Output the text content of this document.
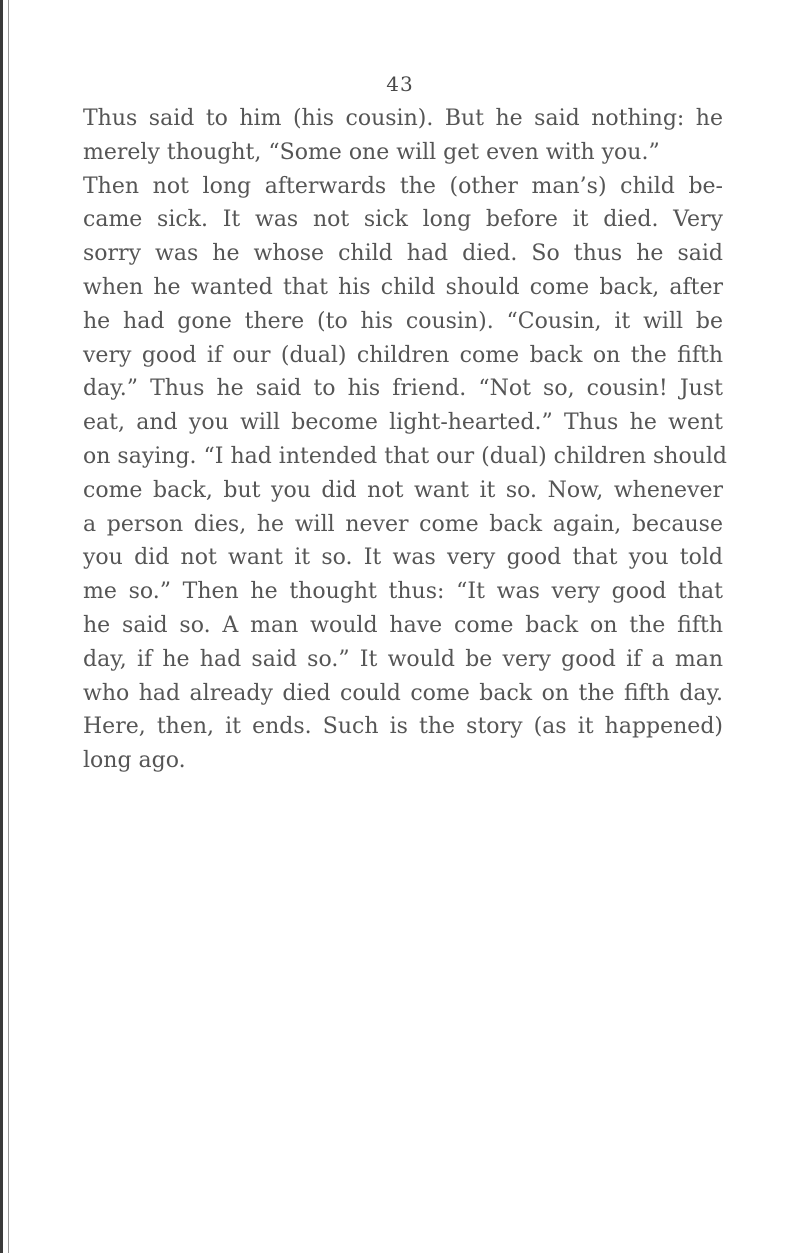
43
Thus said to him (his cousin). But he said nothing: he
merely thought, “Some one will get even with you.”
Then not long afterwards the (other man’s) child be-
came sick. It was not sick long before it died. Very
sorry was he whose child had died. So thus he said
when he wanted that his child should come back, after
he had gone there (to his cousin). “Cousin, it will be
very good if our (dual) children come back on the fifth
day.” Thus he said to his friend. “Not so, cousin! Just
eat, and you will become light-hearted.” Thus he went
on saying. “I had intended that our (dual) children should
come back, but you did not want it so. Now, whenever
a person dies, he will never come back again, because
you did not want it so. It was very good that you told
me so.” Then he thought thus: “It was very good that
he said so. A man would have come back on the fifth
day, if he had said so.” It would be very good if a man
who had already died could come back on the fifth day.
Here, then, it ends. Such is the story (as it happened)
long ago.
